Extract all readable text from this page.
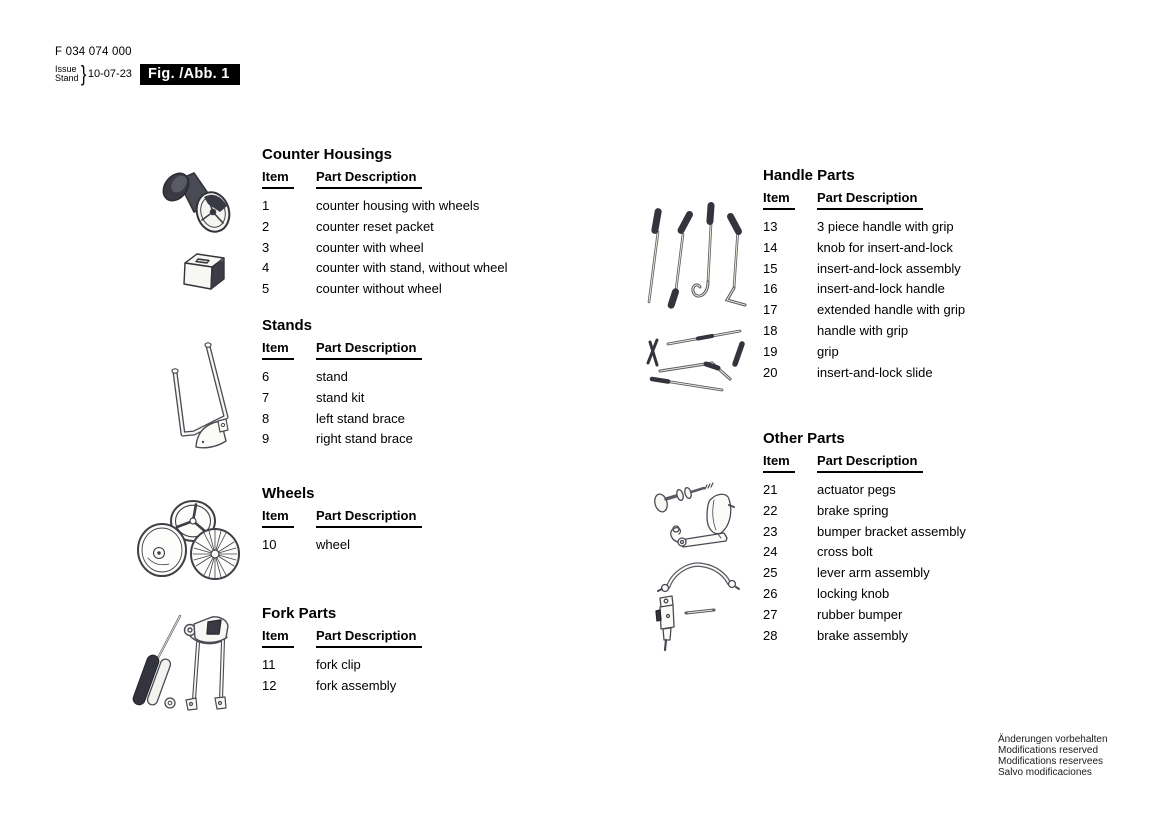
F 034 074 000
Issue
Stand } 10-07-23	Fig. /Abb. 1
Counter Housings
Item	Part Description
1	counter housing with wheels
2	counter reset packet
3	counter with wheel
4	counter with stand, without wheel
5	counter without wheel
Stands
Item	Part Description
6	stand
7	stand kit
8	left stand brace
9	right stand brace
Wheels
Item	Part Description
10	wheel
Fork Parts
Item	Part Description
11	fork clip
12	fork assembly
Handle Parts
Item	Part Description
13	3 piece handle with grip
14	knob for insert-and-lock
15	insert-and-lock assembly
16	insert-and-lock handle
17	extended handle with grip
18	handle with grip
19	grip
20	insert-and-lock slide
Other Parts
Item	Part Description
21	actuator pegs
22	brake spring
23	bumper bracket assembly
24	cross bolt
25	lever arm assembly
26	locking knob
27	rubber bumper
28	brake assembly
Änderungen vorbehalten
Modifications reserved
Modifications reservees
Salvo modificaciones
